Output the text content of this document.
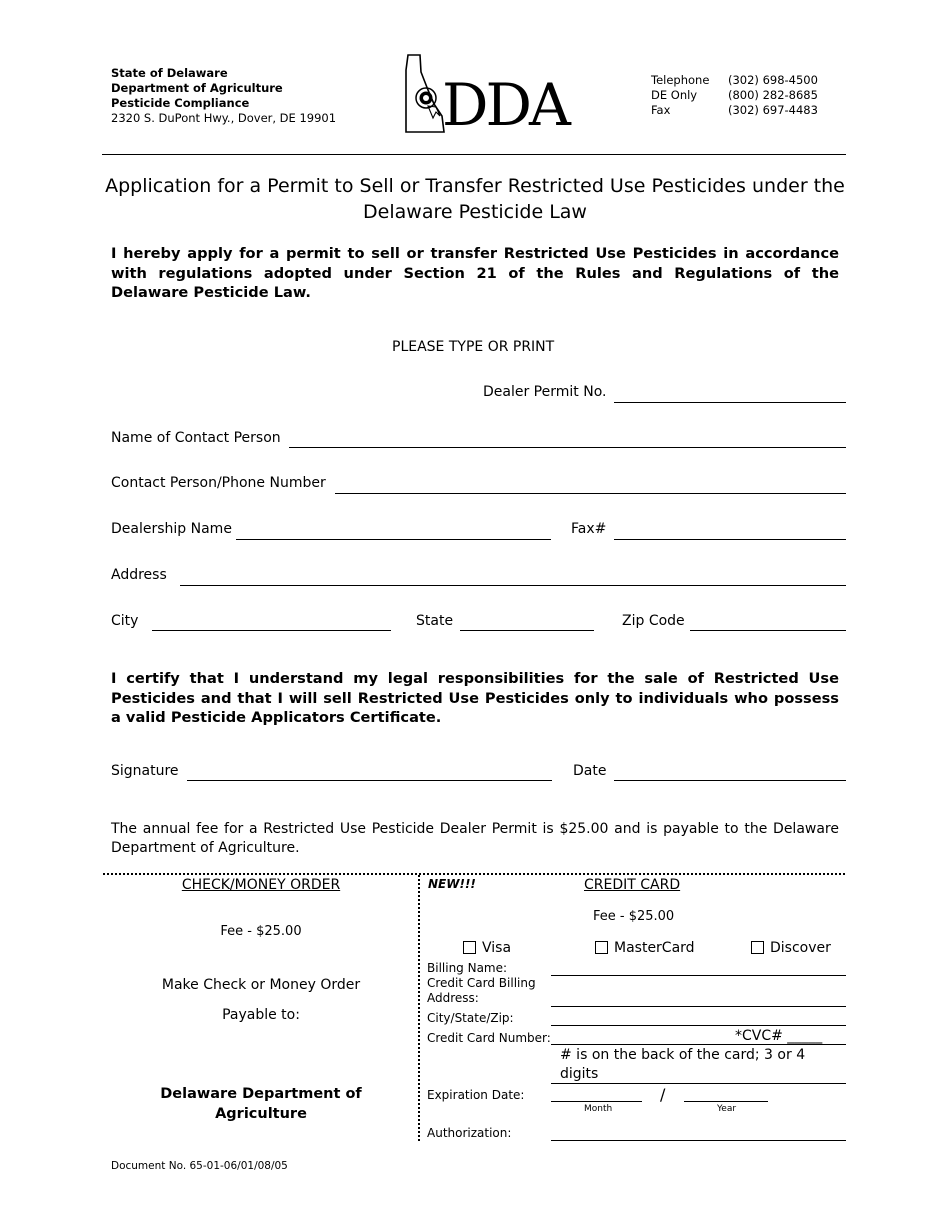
State of Delaware
Department of Agriculture
Pesticide Compliance
2320 S. DuPont Hwy., Dover, DE 19901 DDA	Telephone	(302) 698-4500
DE Only	(800) 282-8685
Fax	(302) 697-4483
Application for a Permit to Sell or Transfer Restricted Use Pesticides under the Delaware Pesticide Law
I hereby apply for a permit to sell or transfer Restricted Use Pesticides in accordance with regulations adopted under Section 21 of the Rules and Regulations of the Delaware Pesticide Law.
PLEASE TYPE OR PRINT
Dealer Permit No.
Name of Contact Person
Contact Person/Phone Number
Dealership Name	Fax#
Address
City	State	Zip Code
I certify that I understand my legal responsibilities for the sale of Restricted Use Pesticides and that I will sell Restricted Use Pesticides only to individuals who possess a valid Pesticide Applicators Certificate.
Signature	Date
The annual fee for a Restricted Use Pesticide Dealer Permit is $25.00 and is payable to the Delaware Department of Agriculture.
CHECK/MONEY ORDER
Fee - $25.00
Make Check or Money Order
Payable to:
Delaware Department of Agriculture
NEW!!!	CREDIT CARD
Fee - $25.00
Visa	MasterCard	Discover
Billing Name:
Credit Card Billing Address:
City/State/Zip:
Credit Card Number:	*CVC# _____
# is on the back of the card; 3 or 4 digits
Expiration Date:	/
Month	Year
Authorization:
Document No. 65-01-06/01/08/05
